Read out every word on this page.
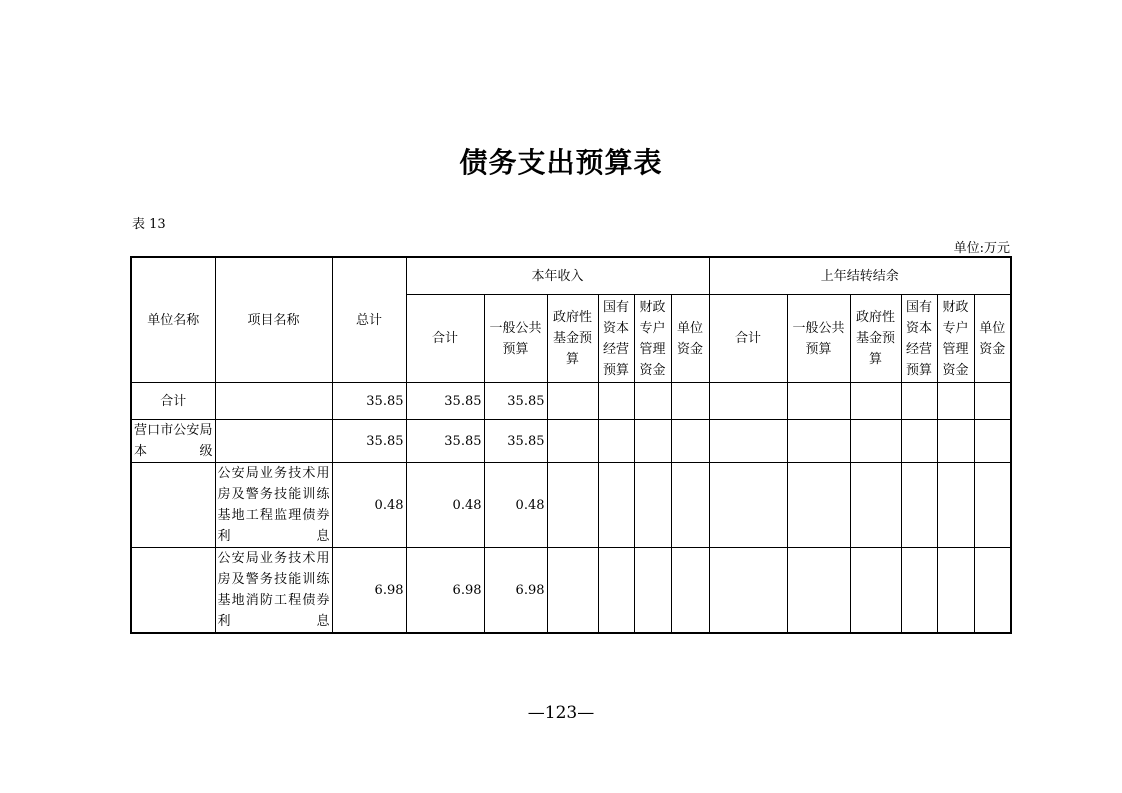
债务支出预算表
表 13
单位:万元
单位名称	项目名称	总计	本年收入						上年结转结余					
			合计	一般公共预算	政府性基金预算	国有资本经营预算	财政专户管理资金	单位资金	合计	一般公共预算	政府性基金预算	国有资本经营预算	财政专户管理资金	单位资金
合计		35.85	35.85	35.85										
营口市公安局本级		35.85	35.85	35.85										
	公安局业务技术用房及警务技能训练基地工程监理债券利息	0.48	0.48	0.48										
	公安局业务技术用房及警务技能训练基地消防工程债券利息	6.98	6.98	6.98										
—123—
